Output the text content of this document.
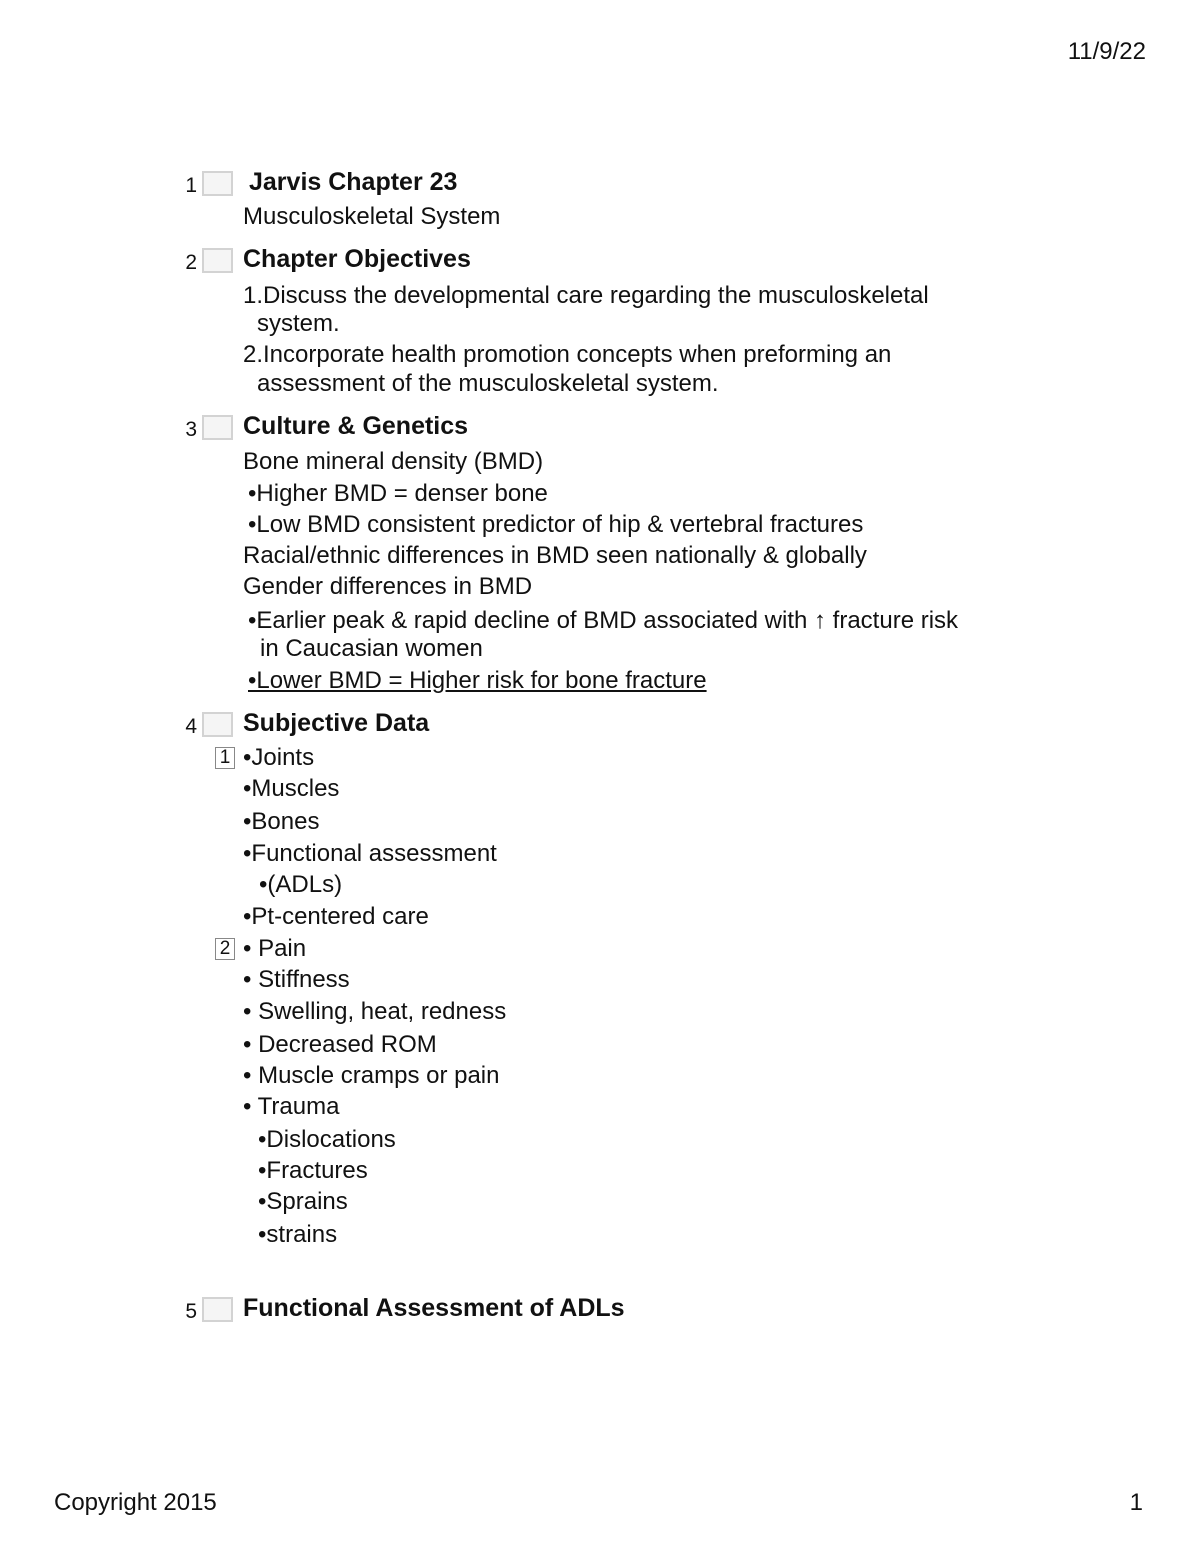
11/9/22
1 Jarvis Chapter 23
Musculoskeletal System
2 Chapter Objectives
1.Discuss the developmental care regarding the musculoskeletal
system.
2.Incorporate health promotion concepts when preforming an
assessment of the musculoskeletal system.
3 Culture & Genetics
Bone mineral density (BMD)
•Higher BMD = denser bone
•Low BMD consistent predictor of hip & vertebral fractures
Racial/ethnic differences in BMD seen nationally & globally
Gender differences in BMD
•Earlier peak & rapid decline of BMD associated with ↑ fracture risk
in Caucasian women
•Lower BMD = Higher risk for bone fracture
4 Subjective Data
1 •Joints
•Muscles
•Bones
•Functional assessment
•(ADLs)
•Pt-centered care
2 • Pain
• Stiffness
• Swelling, heat, redness
• Decreased ROM
• Muscle cramps or pain
• Trauma
•Dislocations
•Fractures
•Sprains
•strains
5 Functional Assessment of ADLs
Copyright 2015	1
